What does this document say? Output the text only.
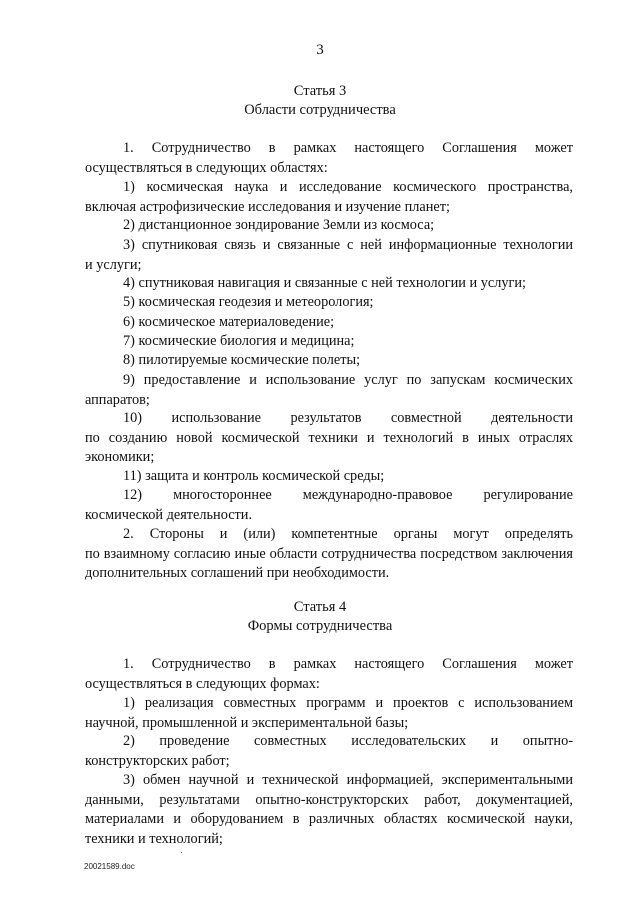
3
Статья 3
Области сотрудничества
1. Сотрудничество в рамках настоящего Соглашения может
осуществляться в следующих областях:
1) космическая наука и исследование космического пространства,
включая астрофизические исследования и изучение планет;
2) дистанционное зондирование Земли из космоса;
3) спутниковая связь и связанные с ней информационные технологии
и услуги;
4) спутниковая навигация и связанные с ней технологии и услуги;
5) космическая геодезия и метеорология;
6) космическое материаловедение;
7) космические биология и медицина;
8) пилотируемые космические полеты;
9) предоставление и использование услуг по запускам космических
аппаратов;
10) использование результатов совместной деятельности
по созданию новой космической техники и технологий в иных отраслях экономики;
11) защита и контроль космической среды;
12) многостороннее международно-правовое регулирование
космической деятельности.
2. Стороны и (или) компетентные органы могут определять
по взаимному согласию иные области сотрудничества посредством заключения дополнительных соглашений при необходимости.
Статья 4
Формы сотрудничества
1. Сотрудничество в рамках настоящего Соглашения может
осуществляться в следующих формах:
1) реализация совместных программ и проектов с использованием
научной, промышленной и экспериментальной базы;
2) проведение совместных исследовательских и опытно-
конструкторских работ;
3) обмен научной и технической информацией, экспериментальными
данными, результатами опытно-конструкторских работ, документацией, материалами и оборудованием в различных областях космической науки, техники и технологий;
20021589.doc
